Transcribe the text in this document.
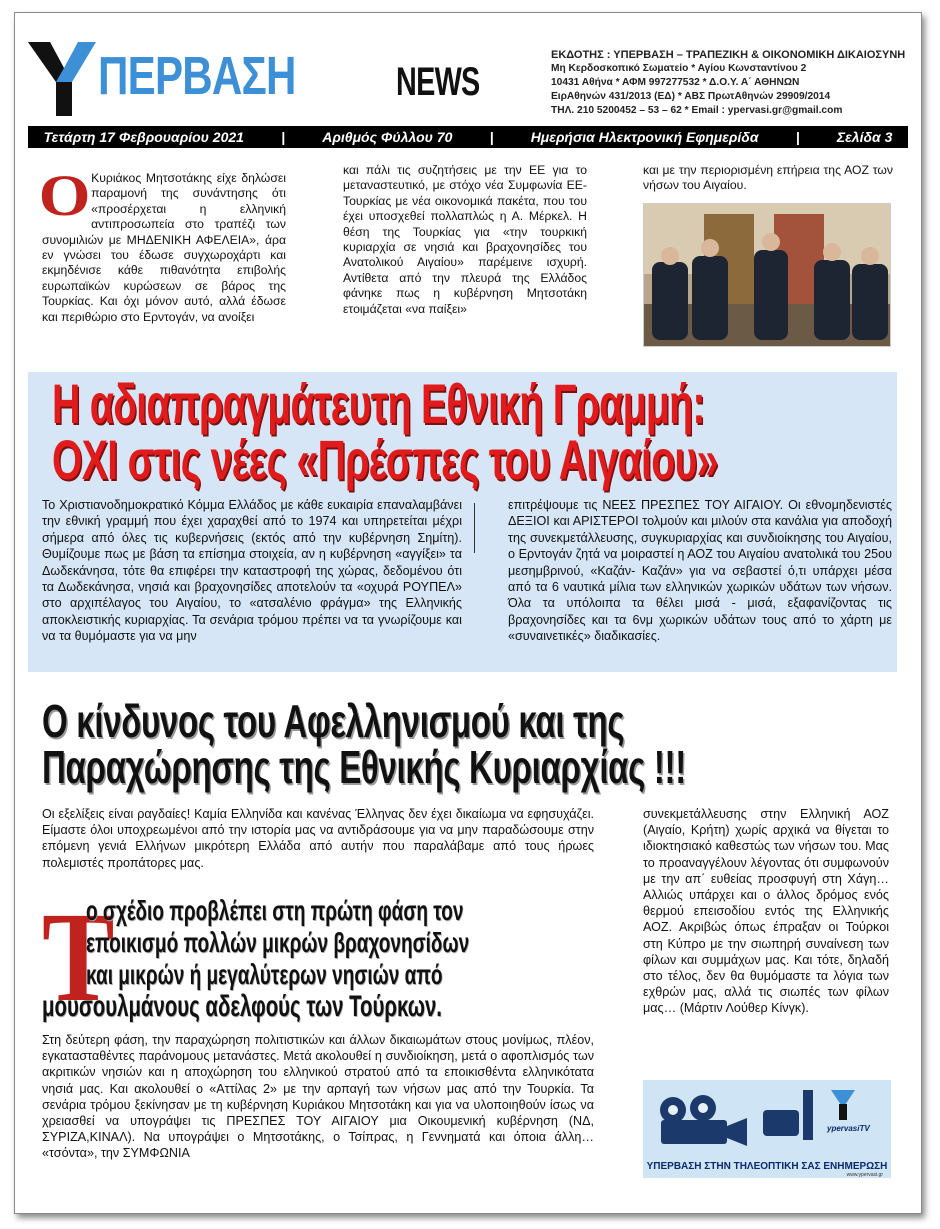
ΠΕΡΒΑΣΗ	NEWS
ΕΚΔΟΤΗΣ : ΥΠΕΡΒΑΣΗ – ΤΡΑΠΕΖΙΚΗ & ΟΙΚΟΝΟΜΙΚΗ ΔΙΚΑΙΟΣΥΝΗ
Μη Κερδοσκοπικό Σωματείο * Αγίου Κωνσταντίνου 2
10431 Αθήνα * ΑΦΜ 997277532 * Δ.Ο.Υ. Α΄ ΑΘΗΝΩΝ
ΕιρΑθηνών 431/2013 (ΕΔ) * ΑΒΣ ΠρωτΑθηνών 29909/2014
ΤΗΛ. 210 5200452 – 53 – 62 * Email : ypervasi.gr@gmail.com
Τετάρτη 17 Φεβρουαρίου 2021	|	Αριθμός Φύλλου 70	|	Ημερήσια Ηλεκτρονική Εφημερίδα	|	Σελίδα 3
Ο Κυριάκος Μητσοτάκης είχε δηλώσει παραμονή της συνάντησης ότι «προσέρχεται η ελληνική αντιπροσωπεία στο τραπέζι των συνομιλιών με ΜΗΔΕΝΙΚΗ ΑΦΕΛΕΙΑ», άρα εν γνώσει του έδωσε συγχωροχάρτι και εκμηδένισε κάθε πιθανότητα επιβολής ευρωπαϊκών κυρώσεων σε βάρος της Τουρκίας. Και όχι μόνον αυτό, αλλά έδωσε και περιθώριο στο Ερντογάν, να ανοίξει
και πάλι τις συζητήσεις με την ΕΕ για το μεταναστευτικό, με στόχο νέα Συμφωνία ΕΕ-Τουρκίας με νέα οικονομικά πακέτα, που του έχει υποσχεθεί πολλαπλώς η Α. Μέρκελ. Η θέση της Τουρκίας για «την τουρκική κυριαρχία σε νησιά και βραχονησίδες του Ανατολικού Αιγαίου» παρέμεινε ισχυρή. Αντίθετα από την πλευρά της Ελλάδος φάνηκε πως η κυβέρνηση Μητσοτάκη ετοιμάζεται «να παίξει»
και με την περιορισμένη επήρεια της ΑΟΖ των νήσων του Αιγαίου.
Η αδιαπραγμάτευτη Εθνική Γραμμή:
ΟΧΙ στις νέες «Πρέσπες του Αιγαίου»
Το Χριστιανοδημοκρατικό Κόμμα Ελλάδος με κάθε ευκαιρία επαναλαμβάνει την εθνική γραμμή που έχει χαραχθεί από το 1974 και υπηρετείται μέχρι σήμερα από όλες τις κυβερνήσεις (εκτός από την κυβέρνηση Σημίτη). Θυμίζουμε πως με βάση τα επίσημα στοιχεία, αν η κυβέρνηση «αγγίξει» τα Δωδεκάνησα, τότε θα επιφέρει την καταστροφή της χώρας, δεδομένου ότι τα Δωδεκάνησα, νησιά και βραχονησίδες αποτελούν τα «οχυρά ΡΟΥΠΕΛ» στο αρχιπέλαγος του Αιγαίου, το «ατσαλένιο φράγμα» της Ελληνικής αποκλειστικής κυριαρχίας. Τα σενάρια τρόμου πρέπει να τα γνωρίζουμε και να τα θυμόμαστε για να μην
επιτρέψουμε τις ΝΕΕΣ ΠΡΕΣΠΕΣ ΤΟΥ ΑΙΓΑΙΟΥ. Οι εθνομηδενιστές ΔΕΞΙΟΙ και ΑΡΙΣΤΕΡΟΙ τολμούν και μιλούν στα κανάλια για αποδοχή της συνεκμετάλλευσης, συγκυριαρχίας και συνδιοίκησης του Αιγαίου, ο Ερντογάν ζητά να μοιραστεί η ΑΟΖ του Αιγαίου ανατολικά του 25ου μεσημβρινού, «Καζάν- Καζάν» για να σεβαστεί ό,τι υπάρχει μέσα από τα 6 ναυτικά μίλια των ελληνικών χωρικών υδάτων των νήσων. Όλα τα υπόλοιπα τα θέλει μισά - μισά, εξαφανίζοντας τις βραχονησίδες και τα 6νμ χωρικών υδάτων τους από το χάρτη με «συναινετικές» διαδικασίες.
Ο κίνδυνος του Αφελληνισμού και της
Παραχώρησης της Εθνικής Κυριαρχίας !!!
Οι εξελίξεις είναι ραγδαίες! Καμία Ελληνίδα και κανένας Έλληνας δεν έχει δικαίωμα να εφησυχάζει. Είμαστε όλοι υποχρεωμένοι από την ιστορία μας να αντιδράσουμε για να μην παραδώσουμε στην επόμενη γενιά Ελλήνων μικρότερη Ελλάδα από αυτήν που παραλάβαμε από τους ήρωες πολεμιστές προπάτορες μας.
συνεκμετάλλευσης στην Ελληνική ΑΟΖ (Αιγαίο, Κρήτη) χωρίς αρχικά να θίγεται το ιδιοκτησιακό καθεστώς των νήσων του. Μας το προαναγγέλουν λέγοντας ότι συμφωνούν με την απ΄ ευθείας προσφυγή στη Χάγη… Αλλιώς υπάρχει και ο άλλος δρόμος ενός θερμού επεισοδίου εντός της Ελληνικής ΑΟΖ. Ακριβώς όπως έπραξαν οι Τούρκοι στη Κύπρο με την σιωπηρή συναίνεση των φίλων και συμμάχων μας. Και τότε, δηλαδή στο τέλος, δεν θα θυμόμαστε τα λόγια των εχθρών μας, αλλά τις σιωπές των φίλων μας… (Μάρτιν Λούθερ Κίνγκ).
Τ
ο σχέδιο προβλέπει στη πρώτη φάση τον
εποικισμό πολλών μικρών βραχονησίδων
και μικρών ή μεγαλύτερων νησιών από
μουσουλμάνους αδελφούς των Τούρκων.
Στη δεύτερη φάση, την παραχώρηση πολιτιστικών και άλλων δικαιωμάτων στους μονίμως, πλέον, εγκατασταθέντες παράνομους μετανάστες. Μετά ακολουθεί η συνδιοίκηση, μετά ο αφοπλισμός των ακριτικών νησιών και η αποχώρηση του ελληνικού στρατού από τα εποικισθέντα ελληνικότατα νησιά μας. Και ακολουθεί ο «Αττίλας 2» με την αρπαγή των νήσων μας από την Τουρκία. Τα σενάρια τρόμου ξεκίνησαν με τη κυβέρνηση Κυριάκου Μητσοτάκη και για να υλοποιηθούν ίσως να χρειασθεί να υπογράψει τις ΠΡΕΣΠΕΣ ΤΟΥ ΑΙΓΑΙΟΥ μια Οικουμενική κυβέρνηση (ΝΔ, ΣΥΡΙΖΑ,ΚΙΝΑΛ). Να υπογράψει ο Μητσοτάκης, ο Τσίπρας, η Γεννηματά και όποια άλλη… «τσόντα», την ΣΥΜΦΩΝΙΑ
ypervasiTV
ΥΠΕΡΒΑΣΗ ΣΤΗΝ ΤΗΛΕΟΠΤΙΚΗ ΣΑΣ ΕΝΗΜΕΡΩΣΗ
www.ypervasi.gr
